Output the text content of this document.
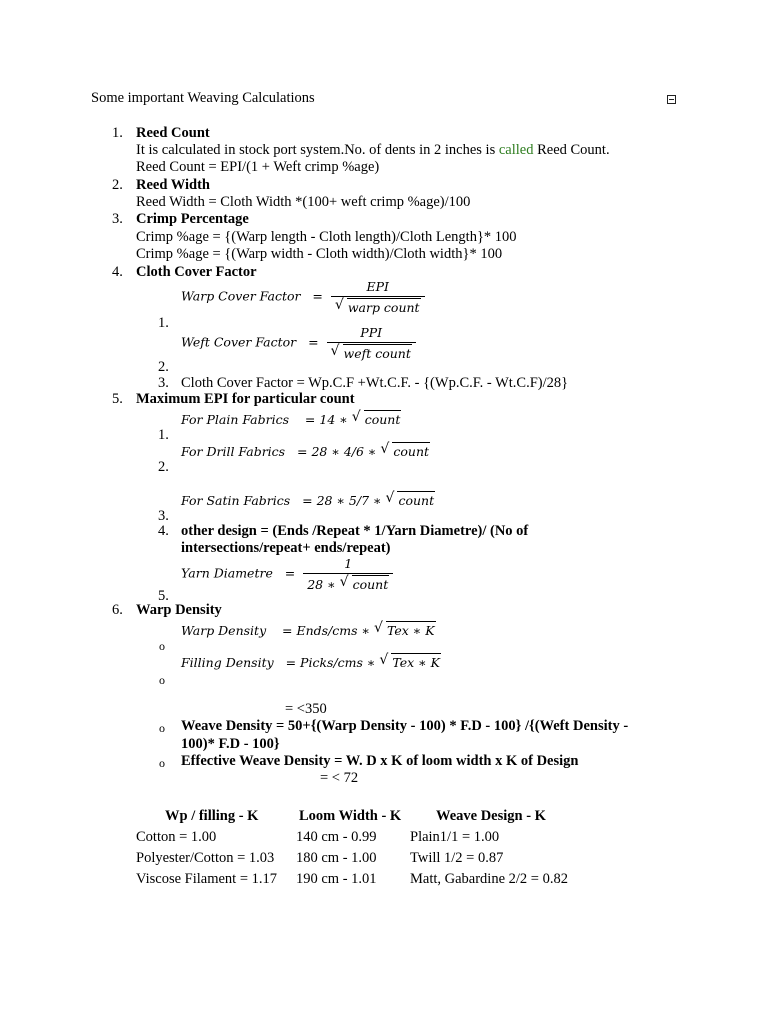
Some important Weaving Calculations
1. Reed Count
It is calculated in stock port system.No. of dents in 2 inches is called Reed Count.
Reed Count = EPI/(1 + Weft crimp %age)
2. Reed Width
Reed Width = Cloth Width *(100+ weft crimp %age)/100
3. Crimp Percentage
Crimp %age = {(Warp length - Cloth length)/Cloth Length}* 100
Crimp %age = {(Warp width - Cloth width)/Cloth width}* 100
4. Cloth Cover Factor
Warp Cover Factor   = EPI
√ warp count
1.
Weft Cover Factor   = PPI
√ weft count
2.
3. Cloth Cover Factor = Wp.C.F +Wt.C.F. - {(Wp.C.F. - Wt.C.F)/28}
5. Maximum EPI for particular count
For Plain Fabrics = 14 ∗ √ count
1.
For Drill Fabrics = 28 ∗ 4/6 ∗ √ count
2.
For Satin Fabrics = 28 ∗ 5/7 ∗ √ count
3.
4. other design = (Ends /Repeat * 1/Yarn Diametre)/ (No of
intersections/repeat+ ends/repeat)
Yarn Diametre   = $\frac{1}{\text{28 ∗ √ count}}$
5.
6. Warp Density
Warp Density = Ends/cms ∗ √ Tex ∗ K
o
Filling Density = Picks/cms ∗ √ Tex ∗ K
o
= <350
o Weave Density = 50+{(Warp Density - 100) * F.D - 100} /{(Weft Density -
100)* F.D - 100}
o Effective Weave Density = W. D x K of loom width x K of Design
= < 72
Wp / filling - K	Loom Width - K Weave Design - K
Cotton = 1.00	140 cm - 0.99 Plain1/1 = 1.00
Polyester/Cotton = 1.03 180 cm - 1.00 Twill 1/2 = 0.87
Viscose Filament = 1.17 190 cm - 1.01 Matt, Gabardine 2/2 = 0.82
